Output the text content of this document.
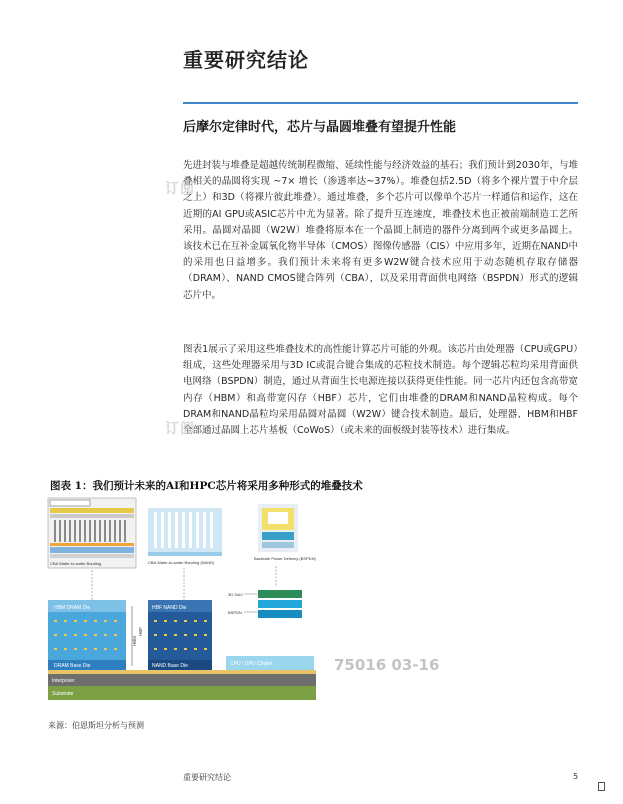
重要研究结论
后摩尔定律时代，芯片与晶圆堆叠有望提升性能

先进封装与堆叠是超越传统制程微缩、延续性能与经济效益的基石；我们预计到2030年，与堆叠相关的晶圆将实现 ~7× 增长（渗透率达~37%）。堆叠包括2.5D（将多个裸片置于中介层之上）和3D（将裸片彼此堆叠）。通过堆叠，多个芯片可以像单个芯片一样通信和运作，这在近期的AI GPU或ASIC芯片中尤为显著。除了提升互连速度，堆叠技术也正被前端制造工艺所采用。晶圆对晶圆（W2W）堆叠将原本在一个晶圆上制造的器件分离到两个或更多晶圆上。该技术已在互补金属氧化物半导体（CMOS）图像传感器（CIS）中应用多年，近期在NAND中的采用也日益增多。我们预计未来将有更多W2W键合技术应用于动态随机存取存储器（DRAM）、NAND CMOS键合阵列（CBA），以及采用背面供电网络（BSPDN）形式的逻辑芯片中。

图表1展示了采用这些堆叠技术的高性能计算芯片可能的外观。该芯片由处理器（CPU或GPU）组成，这些处理器采用与3D IC或混合键合集成的芯粒技术制造。每个逻辑芯粒均采用背面供电网络（BSPDN）制造，通过从背面生长电源连接以获得更佳性能。同一芯片内还包含高带宽内存（HBM）和高带宽闪存（HBF）芯片，它们由堆叠的DRAM和NAND晶粒构成。每个DRAM和NAND晶粒均采用晶圆对晶圆（W2W）键合技术制造。最后，处理器、HBM和HBF全部通过晶圆上芯片基板（CoWoS）（或未来的面板级封装等技术）进行集成。

订阅
订阅
图表 1：我们预计未来的AI和HPC芯片将采用多种形式的堆叠技术
CBA Wafer-to-wafer Bonding	CBA Wafer-to-wafer Bonding (NAND)
Backside Power Delivery (BSPDN)
HBM DRAM Die
DRAM Base Die
HBM
HBF
HBF NAND Die
NAND Base Die
3D SoIC
BSPDN
CPU / GPU Chiplet
Interposer
Substrate
75016 03-16
来源：伯恩斯坦分析与预测
重要研究结论	5
